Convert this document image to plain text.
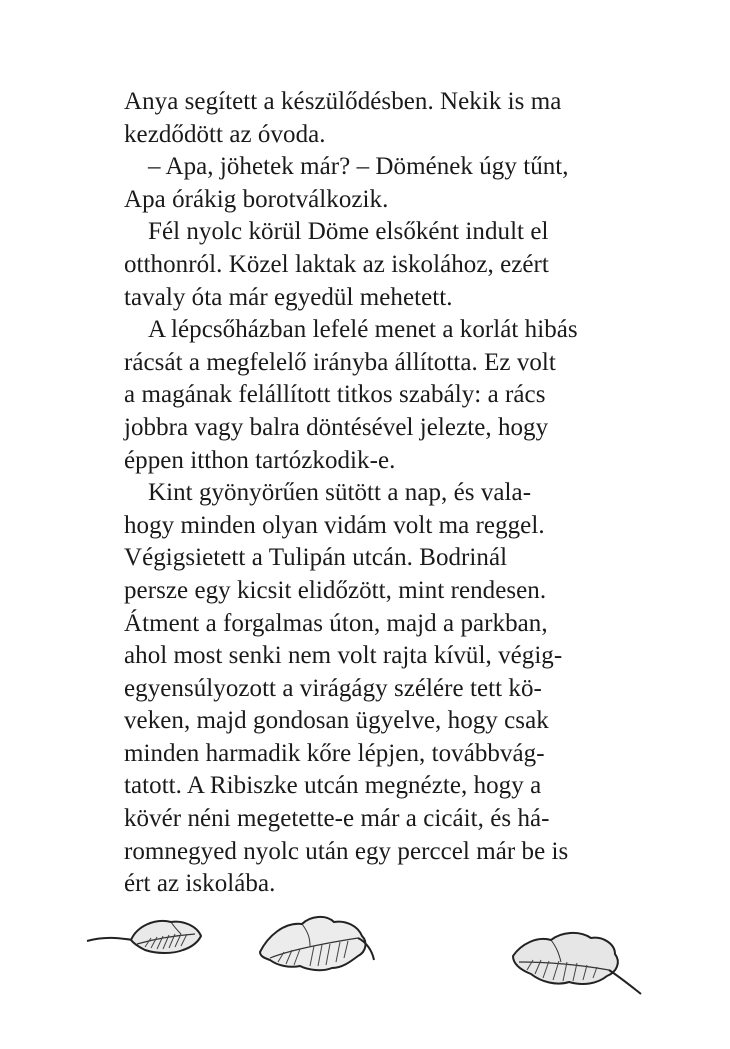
Anya segített a készülődésben. Nekik is ma
kezdődött az óvoda.
– Apa, jöhetek már? – Dömének úgy tűnt,
Apa órákig borotválkozik.
Fél nyolc körül Döme elsőként indult el
otthonról. Közel laktak az iskolához, ezért
tavaly óta már egyedül mehetett.
A lépcsőházban lefelé menet a korlát hibás
rácsát a megfelelő irányba állította. Ez volt
a magának felállított titkos szabály: a rács
jobbra vagy balra döntésével jelezte, hogy
éppen itthon tartózkodik-e.
Kint gyönyörűen sütött a nap, és vala-
hogy minden olyan vidám volt ma reggel.
Végigsietett a Tulipán utcán. Bodrinál
persze egy kicsit elidőzött, mint rendesen.
Átment a forgalmas úton, majd a parkban,
ahol most senki nem volt rajta kívül, végig-
egyensúlyozott a virágágy szélére tett kö-
veken, majd gondosan ügyelve, hogy csak
minden harmadik kőre lépjen, továbbvág-
tatott. A Ribiszke utcán megnézte, hogy a
kövér néni megetette-e már a cicáit, és há-
romnegyed nyolc után egy perccel már be is
ért az iskolába.
